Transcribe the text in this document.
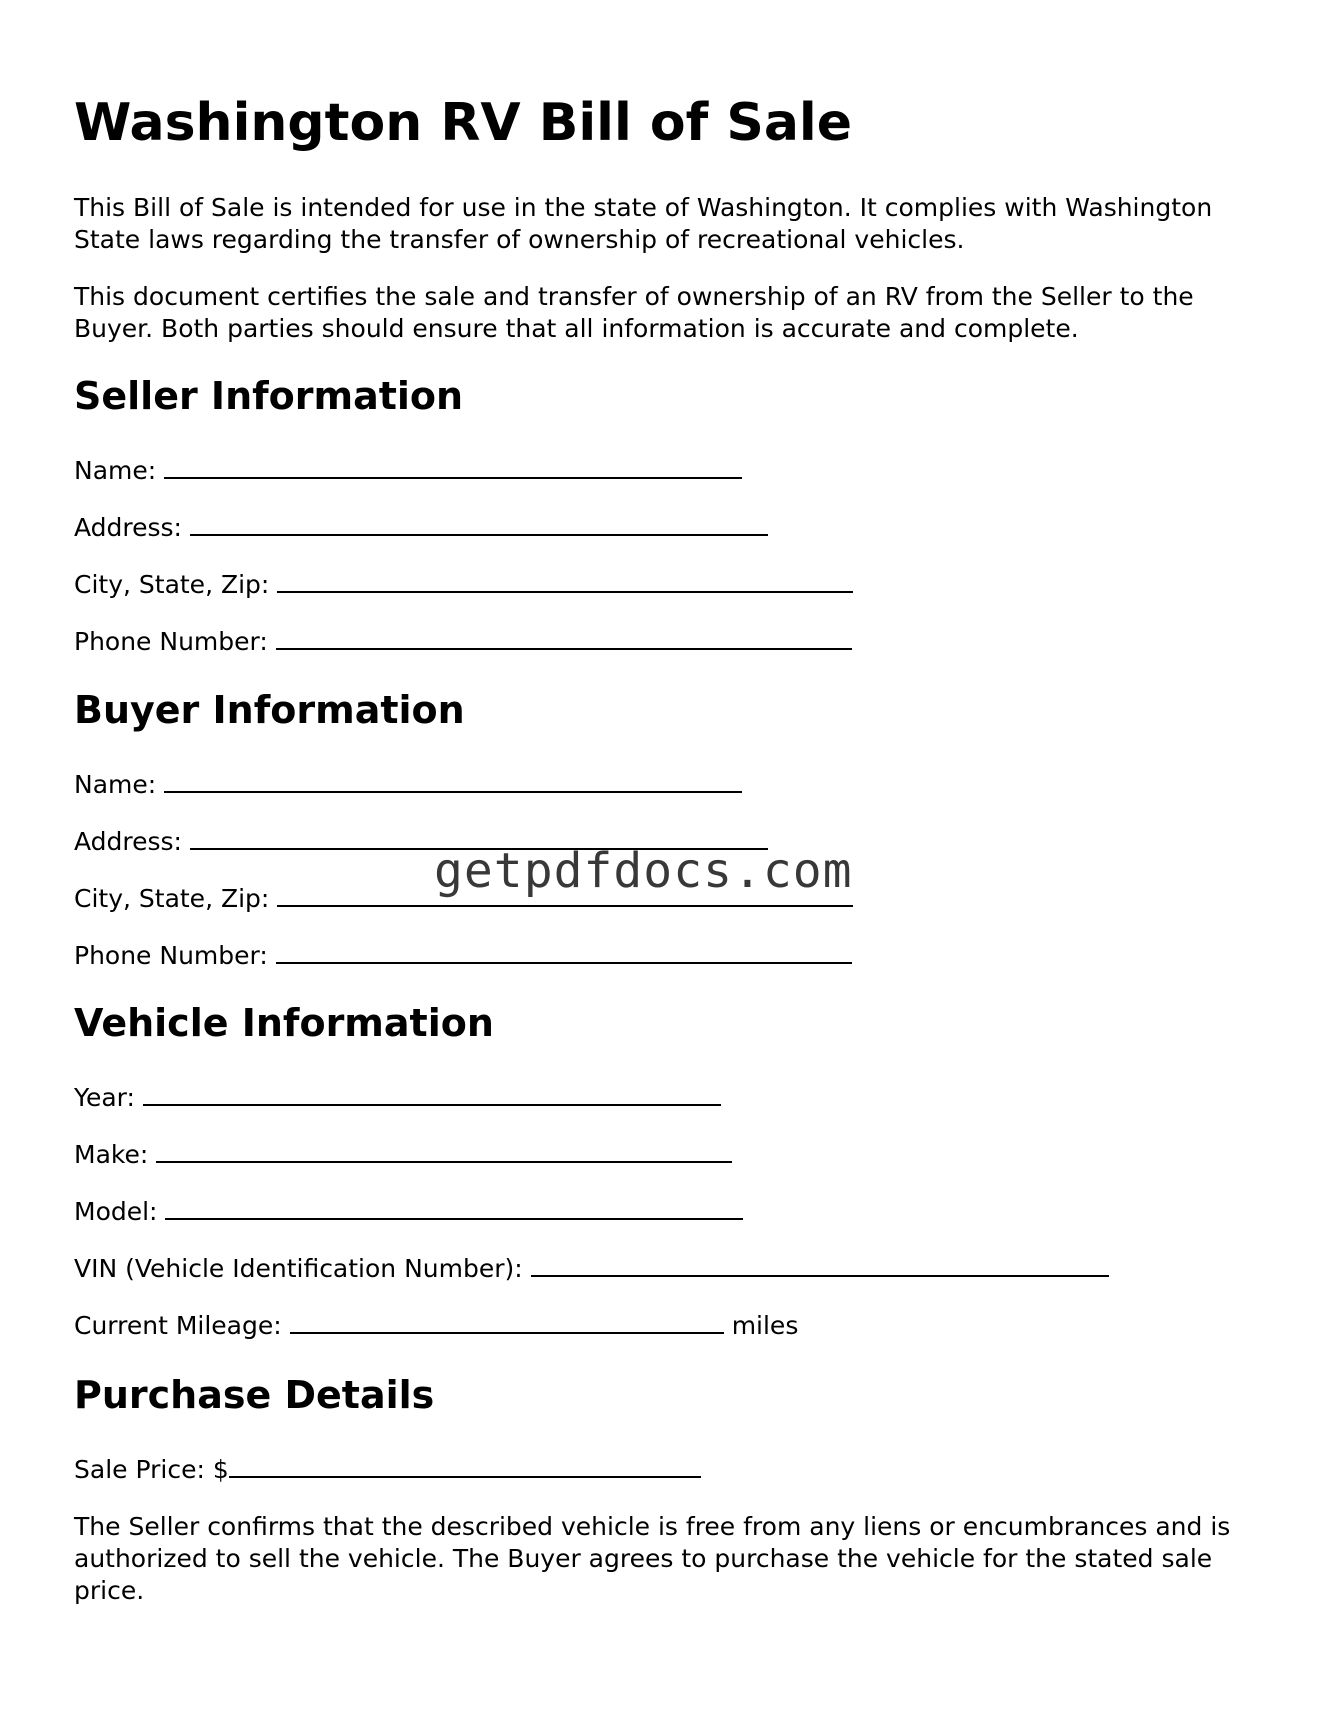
Washington RV Bill of Sale

This Bill of Sale is intended for use in the state of Washington. It complies with Washington State laws regarding the transfer of ownership of recreational vehicles.

This document certifies the sale and transfer of ownership of an RV from the Seller to the Buyer. Both parties should ensure that all information is accurate and complete.

Seller Information
Name:
Address:
City, State, Zip:
Phone Number:
Buyer Information
Name:
Address:
City, State, Zip:
Phone Number:
Vehicle Information
Year:
Make:
Model:
VIN (Vehicle Identification Number):
Current Mileage:	miles
Purchase Details
Sale Price: $

The Seller confirms that the described vehicle is free from any liens or encumbrances and is authorized to sell the vehicle. The Buyer agrees to purchase the vehicle for the stated sale price.

getpdfdocs.com
